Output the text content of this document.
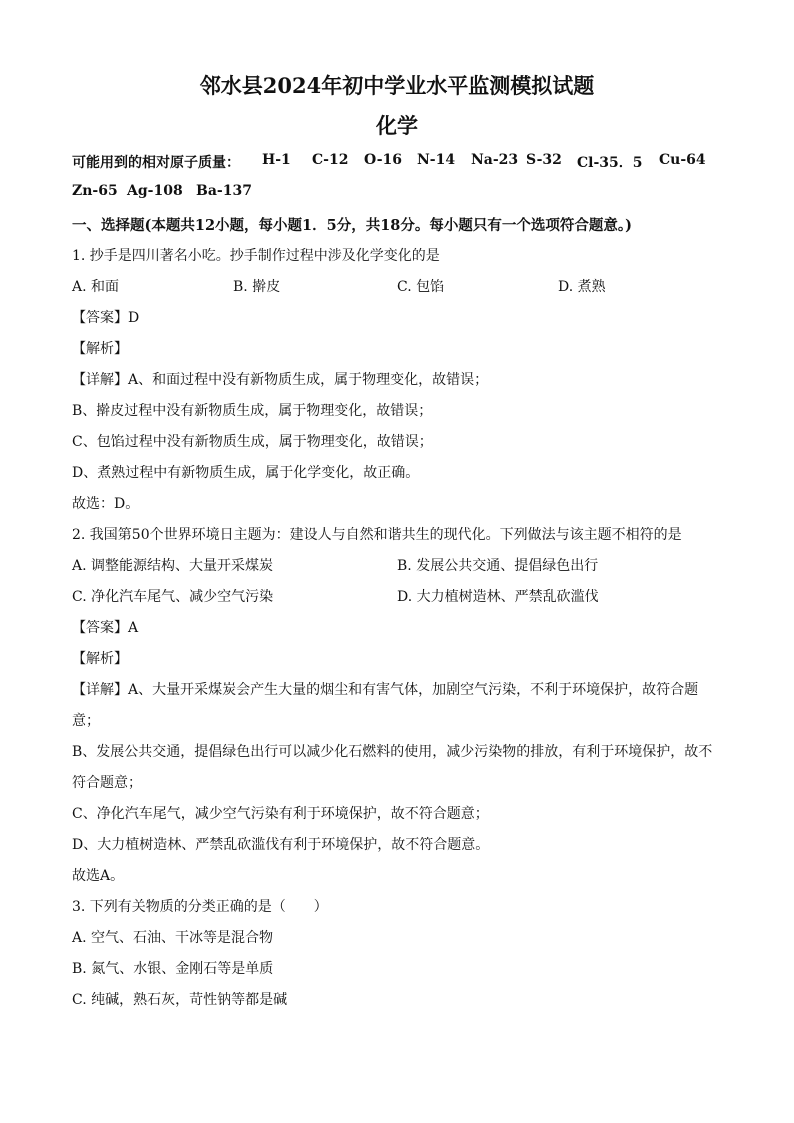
邻水县2024年初中学业水平监测模拟试题
化学
可能用到的相对原子质量： H-1 C-12 O-16 N-14 Na-23 S-32 Cl-35．5 Cu-64
Zn-65 Ag-108 Ba-137
一、选择题(本题共12小题，每小题1．5分，共18分。每小题只有一个选项符合题意。)
1. 抄手是四川著名小吃。抄手制作过程中涉及化学变化的是
A. 和面	B. 擀皮	C. 包馅	D. 煮熟
【答案】D
【解析】
【详解】A、和面过程中没有新物质生成，属于物理变化，故错误；
B、擀皮过程中没有新物质生成，属于物理变化，故错误；
C、包馅过程中没有新物质生成，属于物理变化，故错误；
D、煮熟过程中有新物质生成，属于化学变化，故正确。
故选：D。
2. 我国第50个世界环境日主题为：建设人与自然和谐共生的现代化。下列做法与该主题不相符的是
A. 调整能源结构、大量开采煤炭	B. 发展公共交通、提倡绿色出行
C. 净化汽车尾气、减少空气污染	D. 大力植树造林、严禁乱砍滥伐
【答案】A
【解析】
【详解】A、大量开采煤炭会产生大量的烟尘和有害气体，加剧空气污染，不利于环境保护，故符合题
意；
B、发展公共交通，提倡绿色出行可以减少化石燃料的使用，减少污染物的排放，有利于环境保护，故不
符合题意；
C、净化汽车尾气，减少空气污染有利于环境保护，故不符合题意；
D、大力植树造林、严禁乱砍滥伐有利于环境保护，故不符合题意。
故选A。
3. 下列有关物质的分类正确的是（　　）
A. 空气、石油、干冰等是混合物
B. 氮气、水银、金刚石等是单质
C. 纯碱，熟石灰，苛性钠等都是碱
